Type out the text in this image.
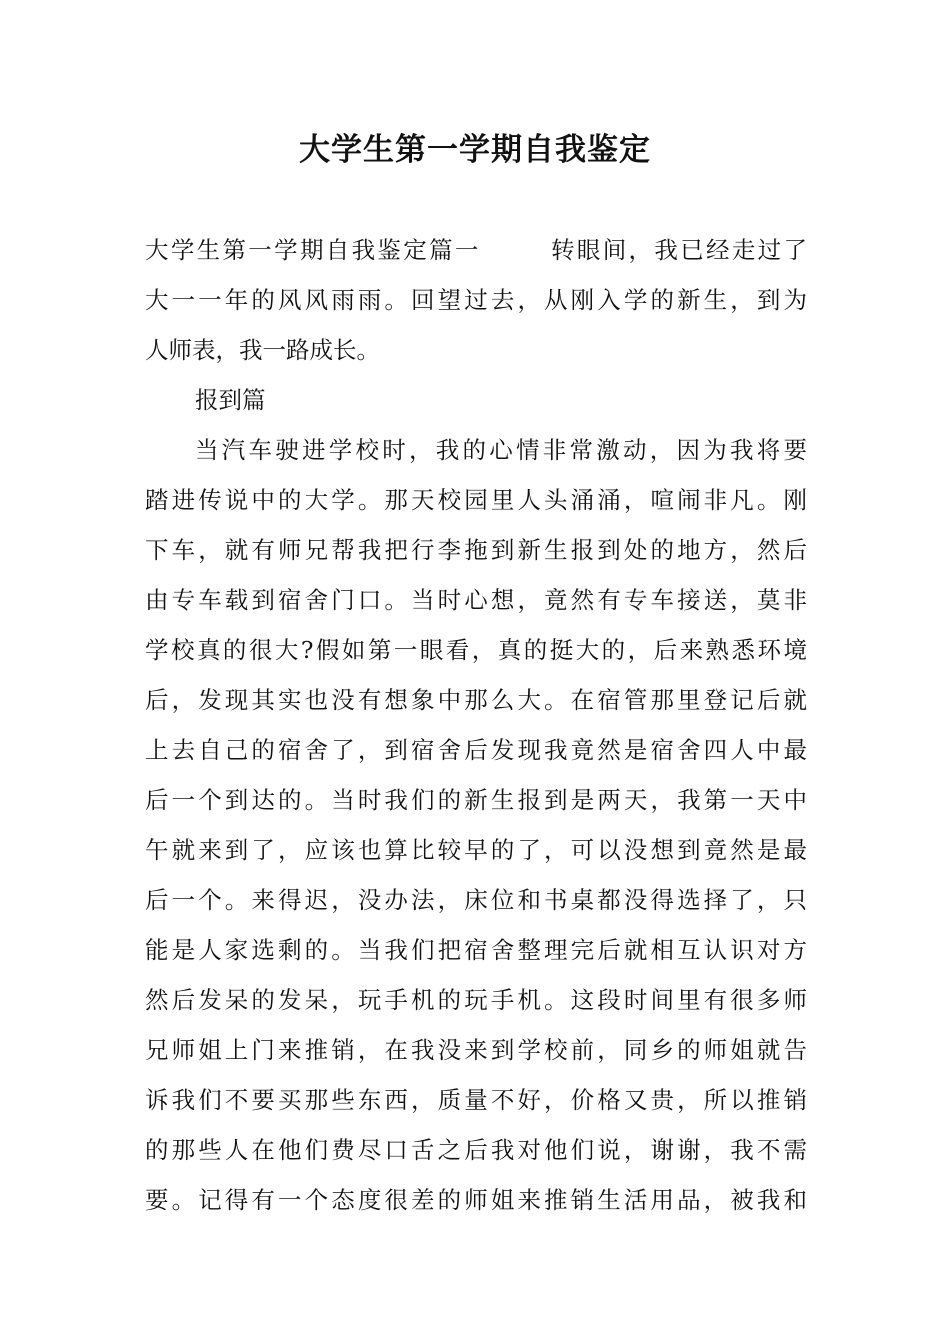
大学生第一学期自我鉴定
大学生第一学期自我鉴定篇一	转眼间，我已经走过了
大一一年的风风雨雨。回望过去，从刚入学的新生，到为
人师表，我一路成长。
报到篇
当汽车驶进学校时，我的心情非常激动，因为我将要
踏进传说中的大学。那天校园里人头涌涌，喧闹非凡。刚
下车，就有师兄帮我把行李拖到新生报到处的地方，然后
由专车载到宿舍门口。当时心想，竟然有专车接送，莫非
学校真的很大?假如第一眼看，真的挺大的，后来熟悉环境
后，发现其实也没有想象中那么大。在宿管那里登记后就
上去自己的宿舍了，到宿舍后发现我竟然是宿舍四人中最
后一个到达的。当时我们的新生报到是两天，我第一天中
午就来到了，应该也算比较早的了，可以没想到竟然是最
后一个。来得迟，没办法，床位和书桌都没得选择了，只
能是人家选剩的。当我们把宿舍整理完后就相互认识对方
然后发呆的发呆，玩手机的玩手机。这段时间里有很多师
兄师姐上门来推销，在我没来到学校前，同乡的师姐就告
诉我们不要买那些东西，质量不好，价格又贵，所以推销
的那些人在他们费尽口舌之后我对他们说，谢谢，我不需
要。记得有一个态度很差的师姐来推销生活用品，被我和
